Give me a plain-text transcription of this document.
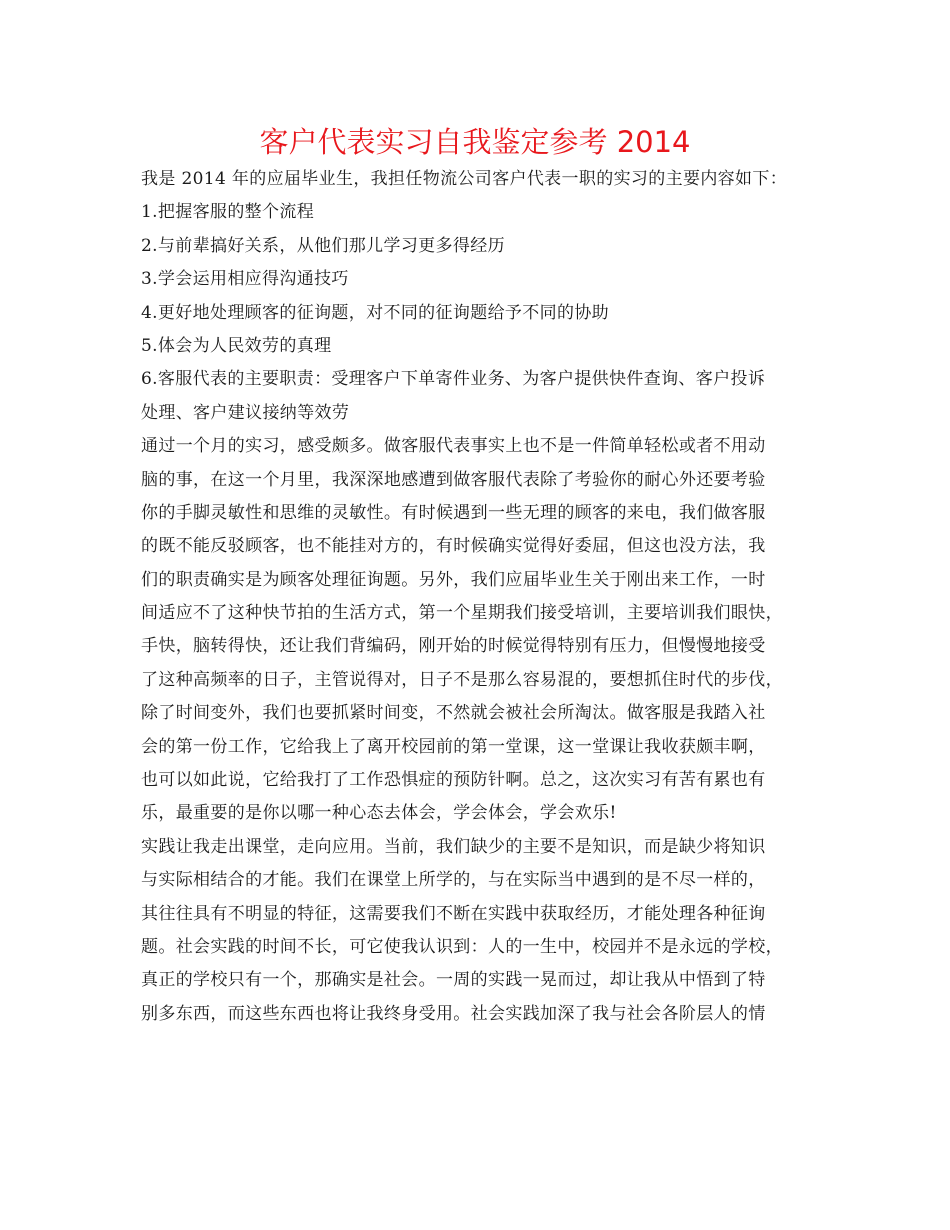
客户代表实习自我鉴定参考 2014
我是 2014 年的应届毕业生，我担任物流公司客户代表一职的实习的主要内容如下：
1.把握客服的整个流程
2.与前辈搞好关系，从他们那儿学习更多得经历
3.学会运用相应得沟通技巧
4.更好地处理顾客的征询题，对不同的征询题给予不同的协助
5.体会为人民效劳的真理
6.客服代表的主要职责：受理客户下单寄件业务、为客户提供快件查询、客户投诉
处理、客户建议接纳等效劳
通过一个月的实习，感受颇多。做客服代表事实上也不是一件简单轻松或者不用动
脑的事，在这一个月里，我深深地感遭到做客服代表除了考验你的耐心外还要考验
你的手脚灵敏性和思维的灵敏性。有时候遇到一些无理的顾客的来电，我们做客服
的既不能反驳顾客，也不能挂对方的，有时候确实觉得好委屈，但这也没方法，我
们的职责确实是为顾客处理征询题。另外，我们应届毕业生关于刚出来工作，一时
间适应不了这种快节拍的生活方式，第一个星期我们接受培训，主要培训我们眼快，
手快，脑转得快，还让我们背编码，刚开始的时候觉得特别有压力，但慢慢地接受
了这种高频率的日子，主管说得对，日子不是那么容易混的，要想抓住时代的步伐，
除了时间变外，我们也要抓紧时间变，不然就会被社会所淘汰。做客服是我踏入社
会的第一份工作，它给我上了离开校园前的第一堂课，这一堂课让我收获颇丰啊，
也可以如此说，它给我打了工作恐惧症的预防针啊。总之，这次实习有苦有累也有
乐，最重要的是你以哪一种心态去体会，学会体会，学会欢乐!
实践让我走出课堂，走向应用。当前，我们缺少的主要不是知识，而是缺少将知识
与实际相结合的才能。我们在课堂上所学的，与在实际当中遇到的是不尽一样的，
其往往具有不明显的特征，这需要我们不断在实践中获取经历，才能处理各种征询
题。社会实践的时间不长，可它使我认识到：人的一生中，校园并不是永远的学校，
真正的学校只有一个，那确实是社会。一周的实践一晃而过，却让我从中悟到了特
别多东西，而这些东西也将让我终身受用。社会实践加深了我与社会各阶层人的情
